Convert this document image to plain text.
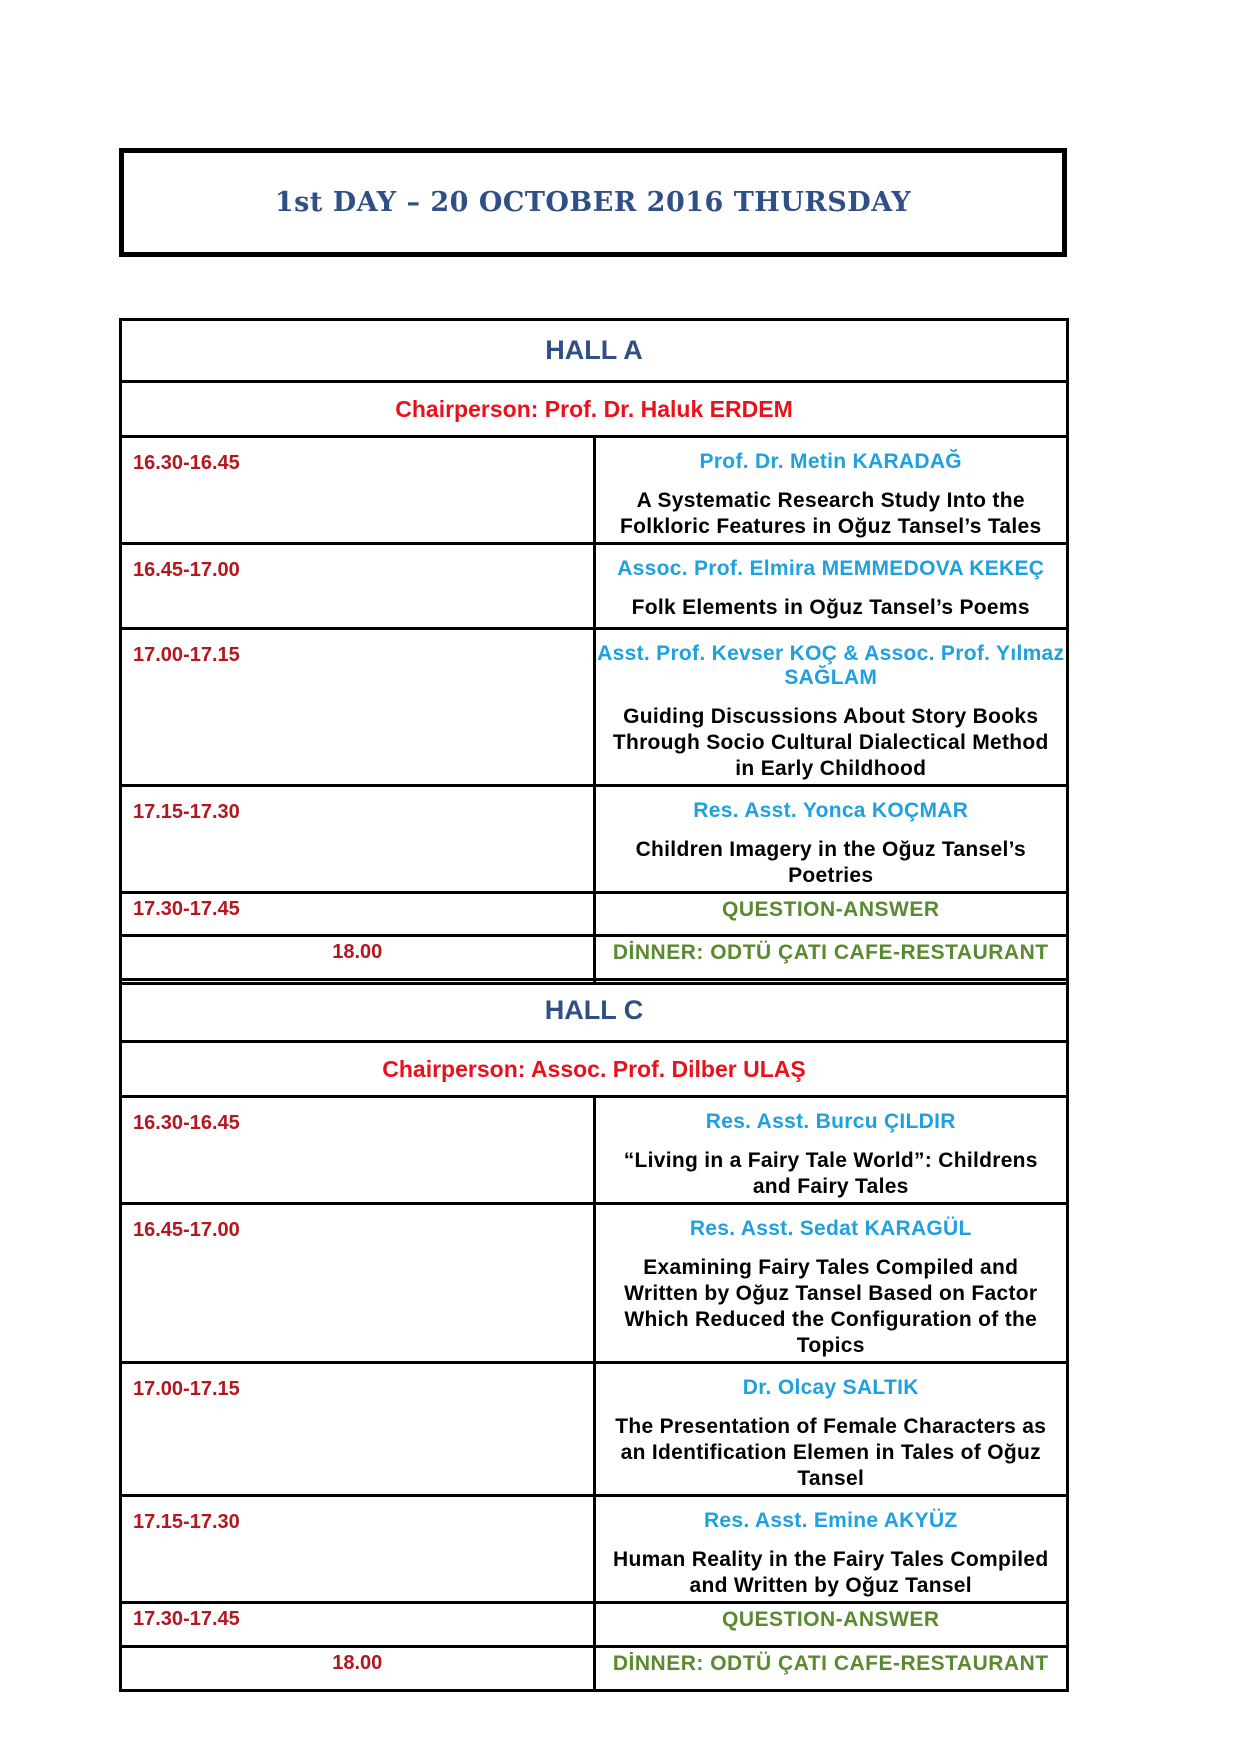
1st DAY – 20 OCTOBER 2016 THURSDAY
HALL A	
Chairperson: Prof. Dr. Haluk ERDEM	

16.30-16.45	Prof. Dr. Metin KARADAĞ
A Systematic Research Study Into the Folkloric Features in Oğuz Tansel’s Tales

16.45-17.00	Assoc. Prof. Elmira MEMMEDOVA KEKEÇ
Folk Elements in Oğuz Tansel’s Poems

17.00-17.15	Asst. Prof. Kevser KOÇ & Assoc. Prof. Yılmaz SAĞLAM
Guiding Discussions About Story Books Through Socio Cultural Dialectical Method in Early Childhood

17.15-17.30	Res. Asst. Yonca KOÇMAR
Children Imagery in the Oğuz Tansel’s Poetries

17.30-17.45	QUESTION-ANSWER

18.00	DİNNER: ODTÜ ÇATI CAFE-RESTAURANT
HALL C	
Chairperson: Assoc. Prof. Dilber ULAŞ	

16.30-16.45	Res. Asst. Burcu ÇILDIR
“Living in a Fairy Tale World”: Childrens and Fairy Tales

16.45-17.00	Res. Asst. Sedat KARAGÜL
Examining Fairy Tales Compiled and Written by Oğuz Tansel Based on Factor Which Reduced the Configuration of the Topics

17.00-17.15	Dr. Olcay SALTIK
The Presentation of Female Characters as an Identification Elemen in Tales of Oğuz Tansel

17.15-17.30	Res. Asst. Emine AKYÜZ
Human Reality in the Fairy Tales Compiled and Written by Oğuz Tansel

17.30-17.45	QUESTION-ANSWER

18.00	DİNNER: ODTÜ ÇATI CAFE-RESTAURANT
